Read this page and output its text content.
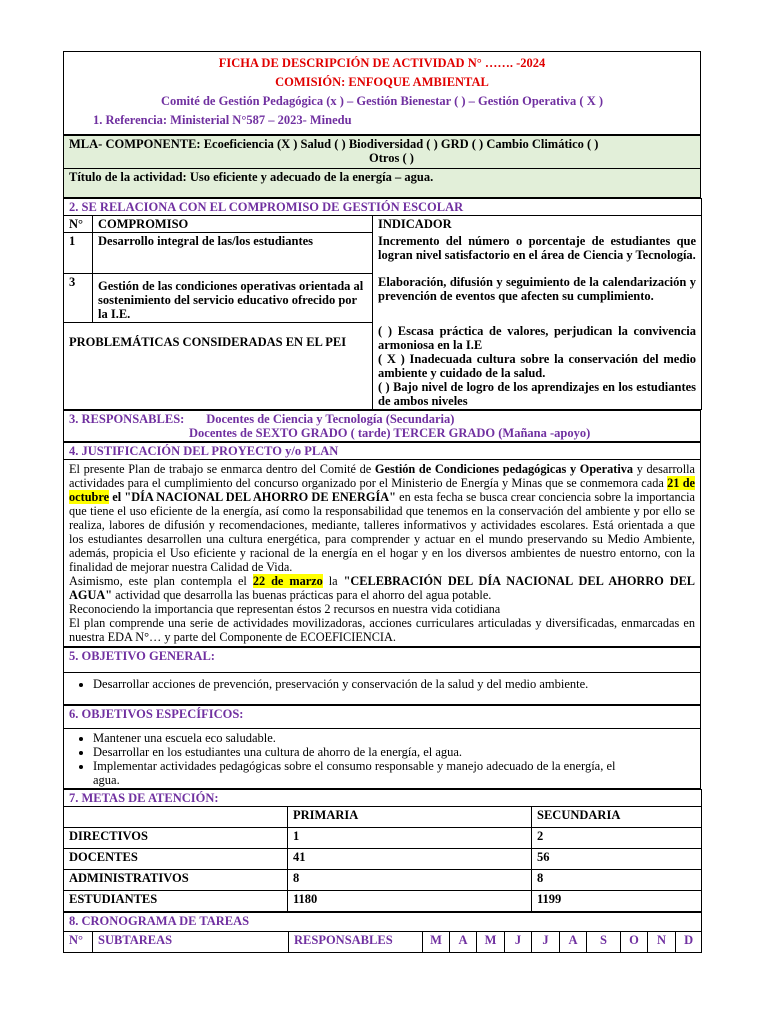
FICHA DE DESCRIPCIÓN DE ACTIVIDAD N° ……. -2024
COMISIÓN: ENFOQUE AMBIENTAL
Comité de Gestión Pedagógica (x ) – Gestión Bienestar ( ) – Gestión Operativa ( X )
1. Referencia: Ministerial N°587 – 2023- Minedu
MLA- COMPONENTE: Ecoeficiencia (X ) Salud ( ) Biodiversidad ( ) GRD ( ) Cambio Climático ( )
Otros ( )

Título de la actividad: Uso eficiente y adecuado de la energía – agua.
2. SE RELACIONA CON EL COMPROMISO DE GESTIÓN ESCOLAR		
N°	COMPROMISO	INDICADOR
1	Desarrollo integral de las/los estudiantes	Incremento del número o porcentaje de estudiantes que logran nivel satisfactorio en el área de Ciencia y Tecnología.
3	Gestión de las condiciones operativas orientada al sostenimiento del servicio educativo ofrecido por la I.E.	Elaboración, difusión y seguimiento de la calendarización y prevención de eventos que afecten su cumplimiento.
PROBLEMÁTICAS CONSIDERADAS EN EL PEI		( ) Escasa práctica de valores, perjudican la convivencia armoniosa en la I.E
( X ) Inadecuada cultura sobre la conservación del medio ambiente y cuidado de la salud.
( ) Bajo nivel de logro de los aprendizajes en los estudiantes de ambos niveles
3. RESPONSABLES: Docentes de Ciencia y Tecnología (Secundaria)
Docentes de SEXTO GRADO ( tarde) TERCER GRADO (Mañana -apoyo)
4. JUSTIFICACIÓN DEL PROYECTO y/o PLAN

El presente Plan de trabajo se enmarca dentro del Comité de Gestión de Condiciones pedagógicas y Operativa y desarrolla actividades para el cumplimiento del concurso organizado por el Ministerio de Energía y Minas que se conmemora cada 21 de octubre el "DÍA NACIONAL DEL AHORRO DE ENERGÍA" en esta fecha se busca crear conciencia sobre la importancia que tiene el uso eficiente de la energía, así como la responsabilidad que tenemos en la conservación del ambiente y por ello se realiza, labores de difusión y recomendaciones, mediante, talleres informativos y actividades escolares. Está orientada a que los estudiantes desarrollen una cultura energética, para comprender y actuar en el mundo preservando su Medio Ambiente, además, propicia el Uso eficiente y racional de la energía en el hogar y en los diversos ambientes de nuestro entorno, con la finalidad de mejorar nuestra Calidad de Vida.
Asimismo, este plan contempla el 22 de marzo la "CELEBRACIÓN DEL DÍA NACIONAL DEL AHORRO DEL AGUA" actividad que desarrolla las buenas prácticas para el ahorro del agua potable.
Reconociendo la importancia que representan éstos 2 recursos en nuestra vida cotidiana
El plan comprende una serie de actividades movilizadoras, acciones curriculares articuladas y diversificadas, enmarcadas en nuestra EDA N°… y parte del Componente de ECOEFICIENCIA.
5. OBJETIVO GENERAL:

• Desarrollar acciones de prevención, preservación y conservación de la salud y del medio ambiente.
6. OBJETIVOS ESPECÍFICOS:

• Mantener una escuela eco saludable.
• Desarrollar en los estudiantes una cultura de ahorro de la energía, el agua.
• Implementar actividades pedagógicas sobre el consumo responsable y manejo adecuado de la energía, el agua.
7. METAS DE ATENCIÓN:		
	PRIMARIA	SECUNDARIA
DIRECTIVOS	1	2
DOCENTES	41	56
ADMINISTRATIVOS	8	8
ESTUDIANTES	1180	1199
8. CRONOGRAMA DE TAREAS
N°	SUBTAREAS	RESPONSABLES	M	A	M	J	J	A	S	O	N	D
